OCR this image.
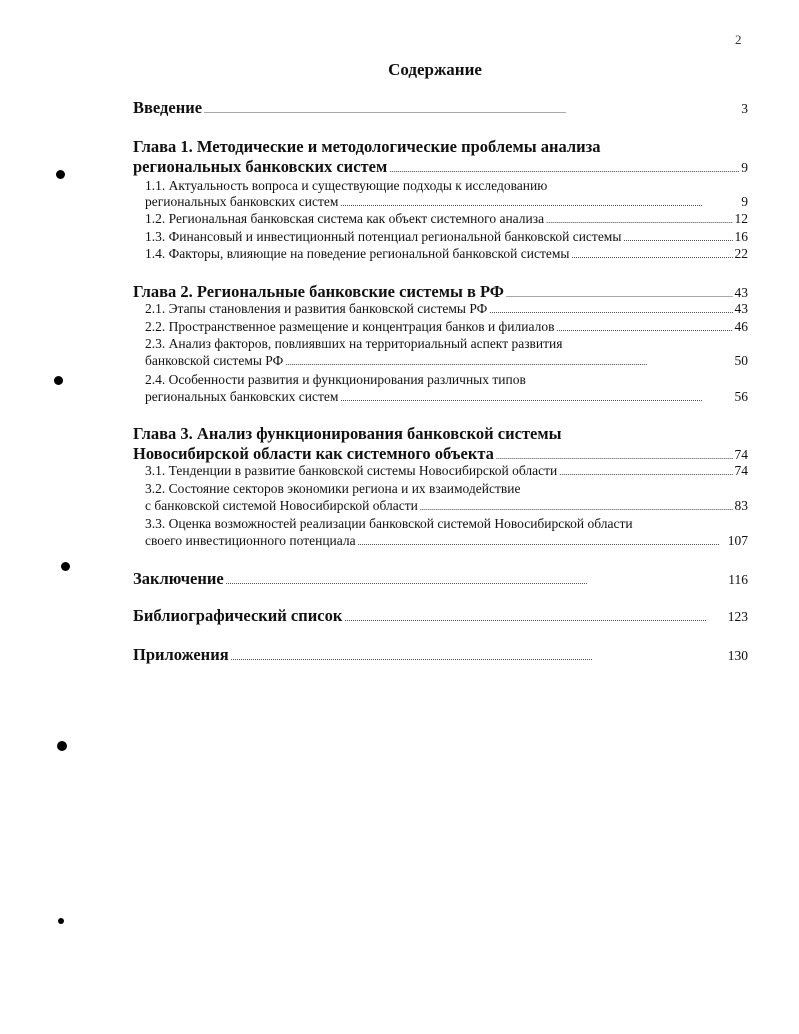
2
Содержание
Введение . . .	3
Глава 1. Методические и методологические проблемы анализа
региональных банковских систем . . .	9
1.1. Актуальность вопроса и существующие подходы к исследованию
региональных банковских систем . . .	9
1.2. Региональная банковская система как объект системного анализа . . .	12
1.3. Финансовый и инвестиционный потенциал региональной банковской системы . . .	16
1.4. Факторы, влияющие на поведение региональной банковской системы . . .	22
Глава 2. Региональные банковские системы в РФ . . .	43
2.1. Этапы становления и развития банковской системы РФ . . .	43
2.2. Пространственное размещение и концентрация банков и филиалов . . .	46
2.3. Анализ факторов, повлиявших на территориальный аспект развития
банковской системы РФ . . .	50
2.4. Особенности развития и функционирования различных типов
региональных банковских систем . . .	56
Глава 3. Анализ функционирования банковской системы
Новосибирской области как системного объекта . . .	74
3.1. Тенденции в развитие банковской системы Новосибирской области . . .	74
3.2. Состояние секторов экономики региона и их взаимодействие
с банковской системой Новосибирской области . . .	83
3.3. Оценка возможностей реализации банковской системой Новосибирской области
своего инвестиционного потенциала . . .	107
Заключение . . .	116
Библиографический список . . .	123
Приложения . . .	130
